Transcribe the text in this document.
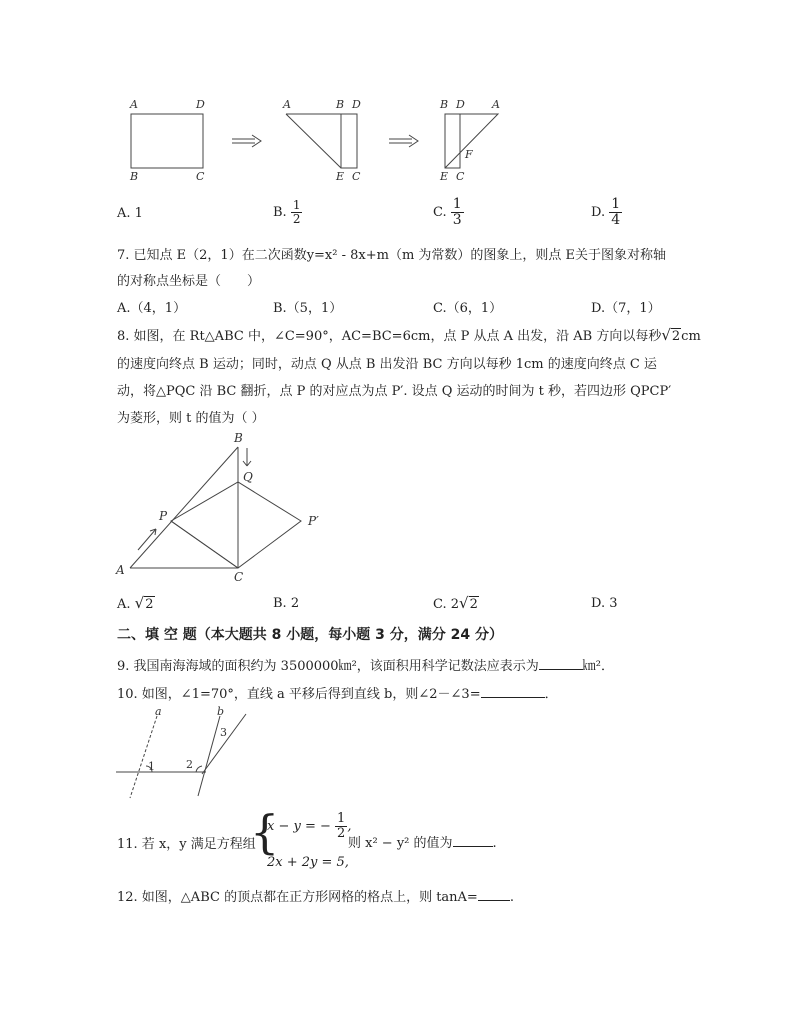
A	D
B	C
A	B D
E C
B D A
F
E C
A. 1	B. $\frac{1}{2}$	C. $\frac{1}{3}$	D. $\frac{1}{4}$
7. 已知点 E（2，1）在二次函数y=x² - 8x+m（m 为常数）的图象上，则点 E关于图象对称轴
的对称点坐标是（　　）
A.（4，1）	B.（5，1）	C.（6，1）	D.（7，1）
8. 如图，在 Rt△ABC 中，∠C=90°，AC=BC=6cm，点 P 从点 A 出发，沿 AB 方向以每秒√2cm
的速度向终点 B 运动；同时，动点 Q 从点 B 出发沿 BC 方向以每秒 1cm 的速度向终点 C 运
动，将△PQC 沿 BC 翻折，点 P 的对应点为点 P′. 设点 Q 运动的时间为 t 秒，若四边形 QPCP′
为菱形，则 t 的值为（ ）
B
Q
P	P′
A	C
A. √2	B. 2	C. 2√2	D. 3
二、填 空 题（本大题共 8 小题，每小题 3 分，满分 24 分）
9. 我国南海海域的面积约为 3500000㎞²，该面积用科学记数法应表示为	㎞²．
10. 如图，∠1=70°，直线 a 平移后得到直线 b，则∠2－∠3=	．
a	b
3
1	2
11. 若 x，y 满足方程组
{
x − y = − $\frac{1}{2}$ ,
则 x² − y² 的值为	.
2x + 2y = 5,
12. 如图，△ABC 的顶点都在正方形网格的格点上，则 tanA= .
